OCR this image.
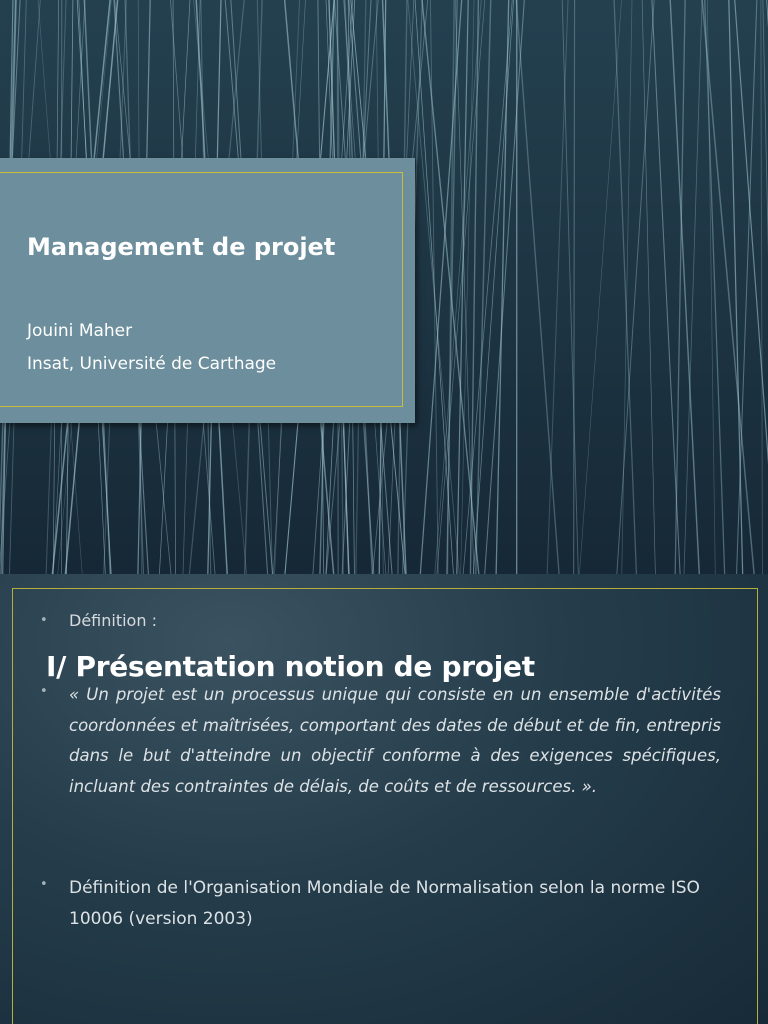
Management de projet
Jouini Maher
Insat, Université de Carthage
• Définition :
• « Un projet est un processus unique qui consiste en un ensemble d'activités coordonnées et maîtrisées, comportant des dates de début et de fin, entrepris dans le but d'atteindre un objectif conforme à des exigences spécifiques, incluant des contraintes de délais, de coûts et de ressources. ».
I/ Présentation notion de projet
• Définition de l'Organisation Mondiale de Normalisation selon la norme ISO 10006 (version 2003)
